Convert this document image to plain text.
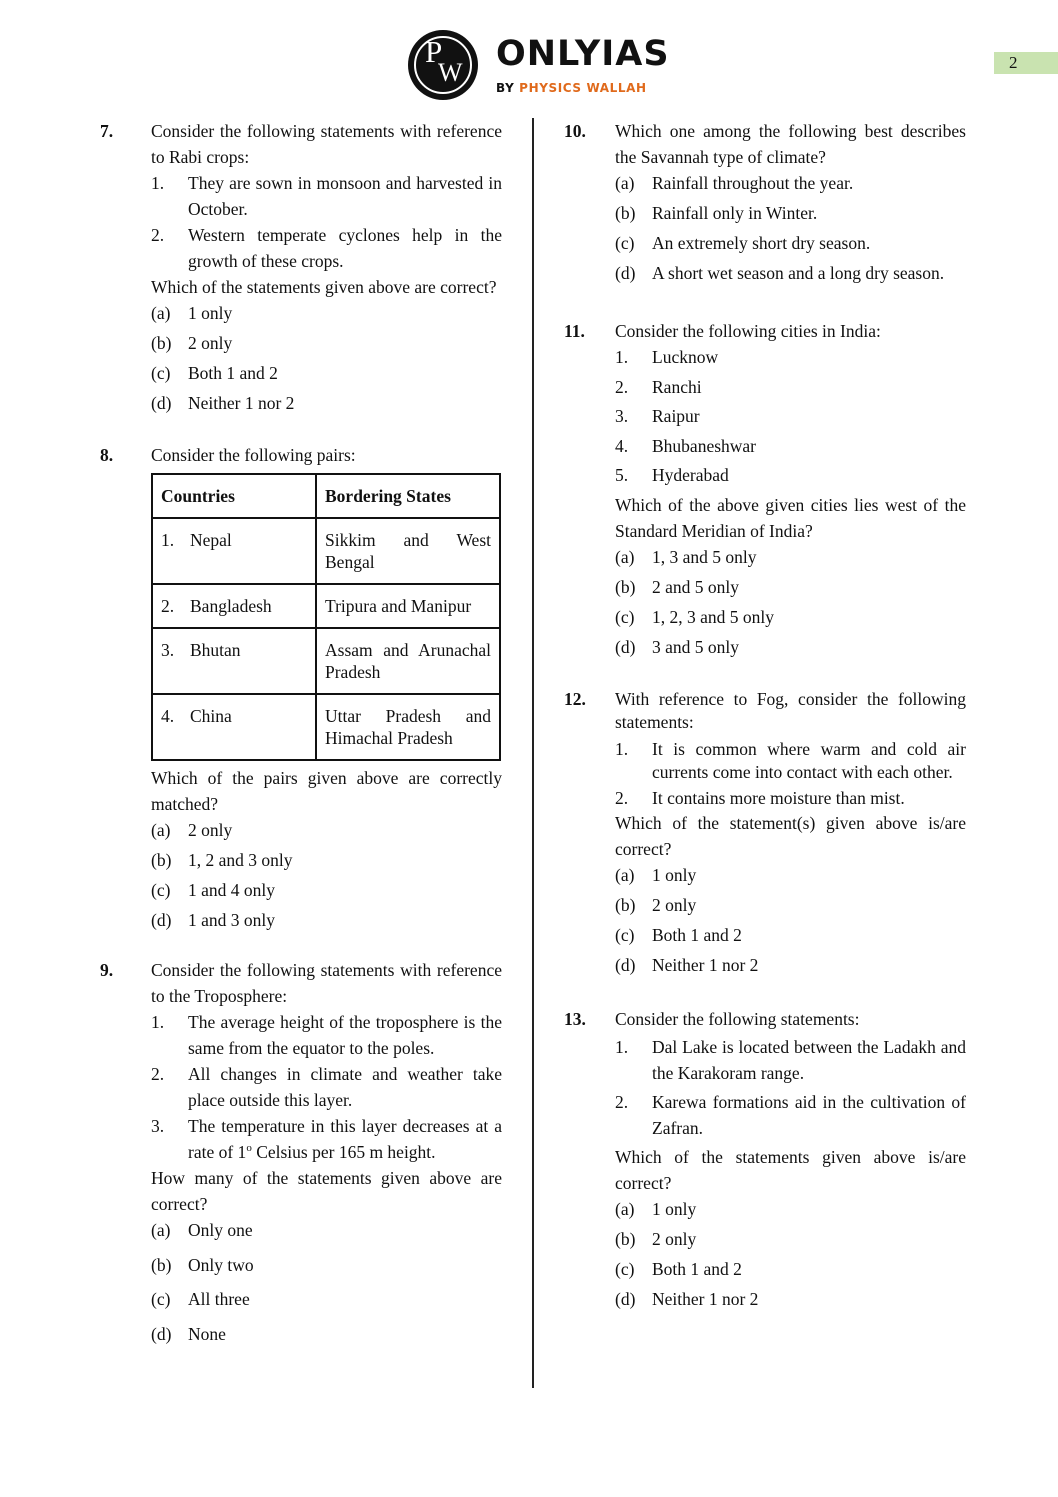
P
W ONLYIAS
BY PHYSICS WALLAH
2
7. Consider the following statements with reference to Rabi crops:
1. They are sown in monsoon and harvested in October.
2. Western temperate cyclones help in the growth of these crops.
Which of the statements given above are correct?
(a) 1 only
(b) 2 only
(c) Both 1 and 2
(d) Neither 1 nor 2
8. Consider the following pairs:
Countries	Bordering States
1. Nepal	Sikkim and West Bengal
2. Bangladesh	Tripura and Manipur
3. Bhutan	Assam and Arunachal Pradesh
4. China	Uttar Pradesh and Himachal Pradesh
Which of the pairs given above are correctly matched?
(a) 2 only
(b) 1, 2 and 3 only
(c) 1 and 4 only
(d) 1 and 3 only
9. Consider the following statements with reference to the Troposphere:
1. The average height of the troposphere is the same from the equator to the poles.
2. All changes in climate and weather take place outside this layer.
3. The temperature in this layer decreases at a rate of 1$^o$ Celsius per 165 m height.
How many of the statements given above are correct?
(a) Only one
(b) Only two
(c) All three
(d) None
10. Which one among the following best describes the Savannah type of climate?
(a) Rainfall throughout the year.
(b) Rainfall only in Winter.
(c) An extremely short dry season.
(d) A short wet season and a long dry season.
11. Consider the following cities in India:
1. Lucknow
2. Ranchi
3. Raipur
4. Bhubaneshwar
5. Hyderabad
Which of the above given cities lies west of the Standard Meridian of India?
(a) 1, 3 and 5 only
(b) 2 and 5 only
(c) 1, 2, 3 and 5 only
(d) 3 and 5 only
12. With reference to Fog, consider the following statements:
1. It is common where warm and cold air currents come into contact with each other.
2. It contains more moisture than mist.
Which of the statement(s) given above is/are correct?
(a) 1 only
(b) 2 only
(c) Both 1 and 2
(d) Neither 1 nor 2
13. Consider the following statements:
1. Dal Lake is located between the Ladakh and the Karakoram range.
2. Karewa formations aid in the cultivation of Zafran.
Which of the statements given above is/are correct?
(a) 1 only
(b) 2 only
(c) Both 1 and 2
(d) Neither 1 nor 2
